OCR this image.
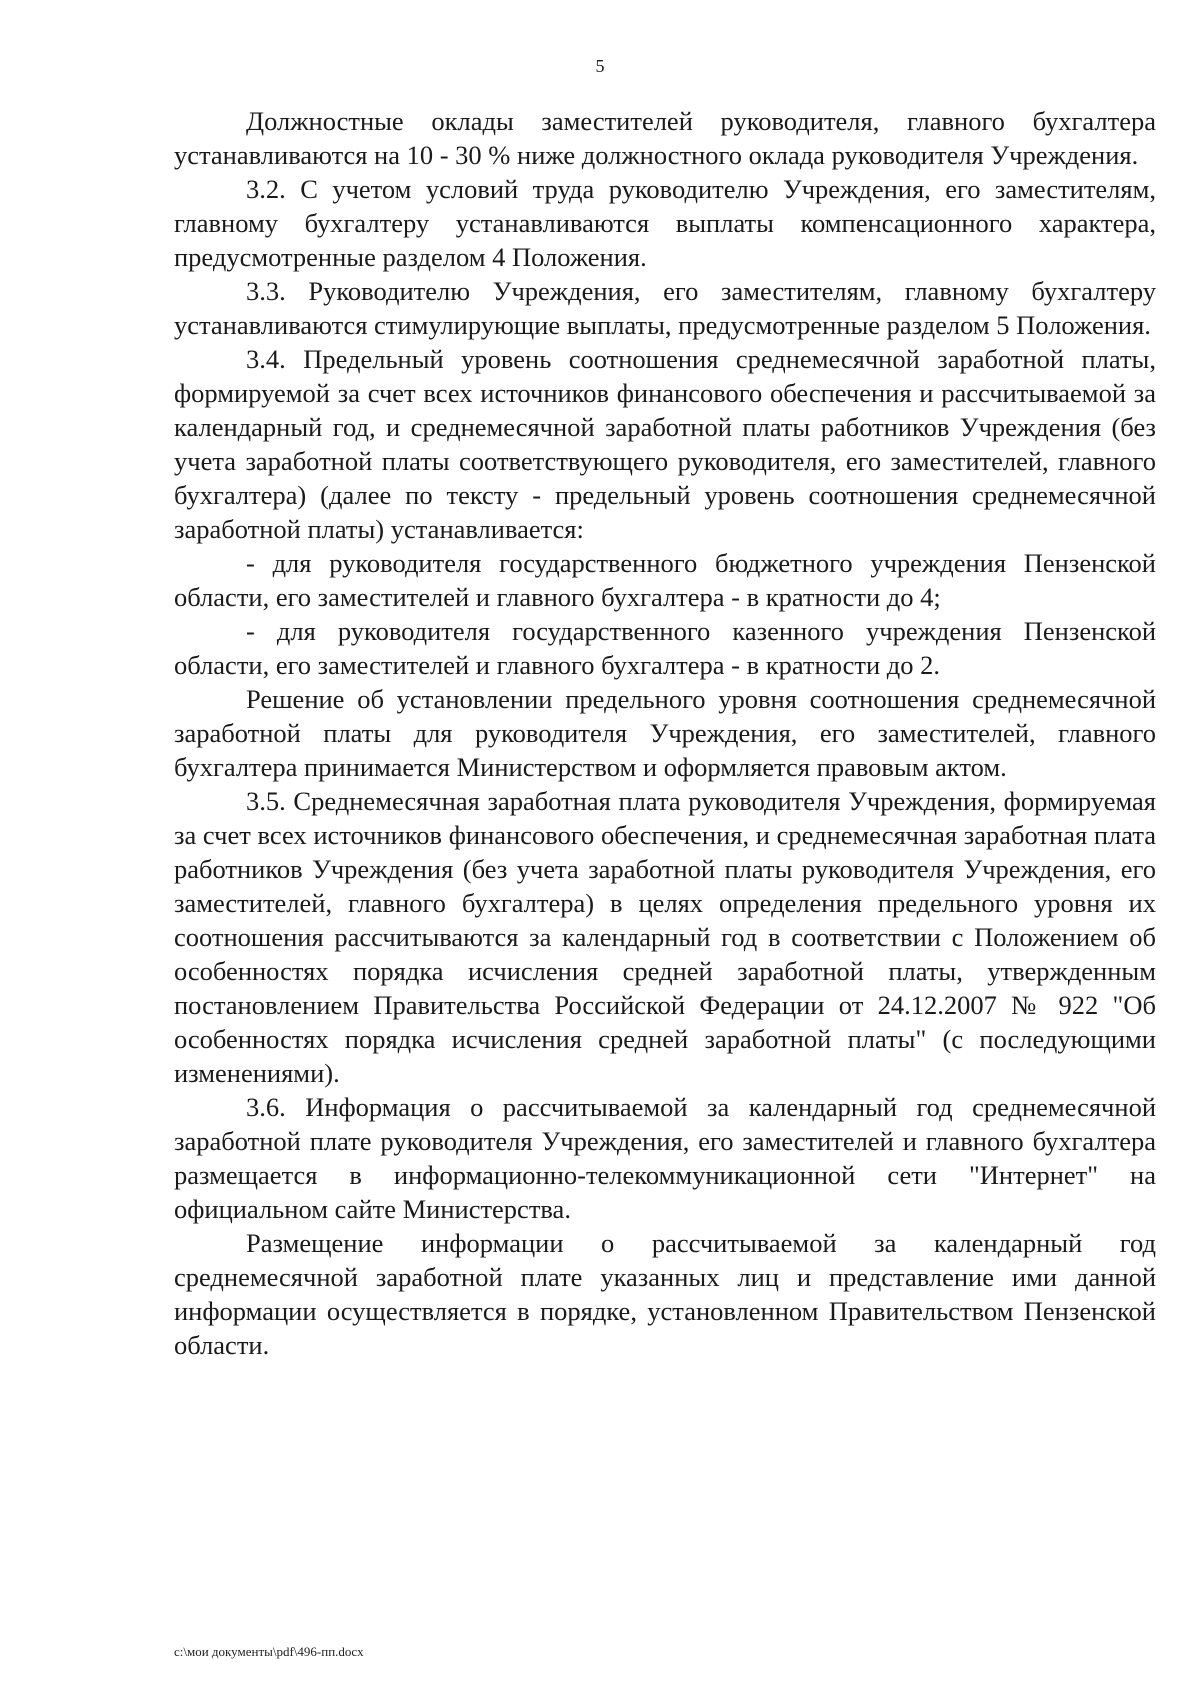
5

Должностные оклады заместителей руководителя, главного бухгалтера устанавливаются на 10 - 30 % ниже должностного оклада руководителя Учреждения.

3.2. С учетом условий труда руководителю Учреждения, его заместителям, главному бухгалтеру устанавливаются выплаты компенсационного характера, предусмотренные разделом 4 Положения.

3.3. Руководителю Учреждения, его заместителям, главному бухгалтеру устанавливаются стимулирующие выплаты, предусмотренные разделом 5 Положения.

3.4. Предельный уровень соотношения среднемесячной заработной платы, формируемой за счет всех источников финансового обеспечения и рассчитываемой за календарный год, и среднемесячной заработной платы работников Учреждения (без учета заработной платы соответствующего руководителя, его заместителей, главного бухгалтера) (далее по тексту - предельный уровень соотношения среднемесячной заработной платы) устанавливается:

- для руководителя государственного бюджетного учреждения Пензенской области, его заместителей и главного бухгалтера - в кратности до 4;

- для руководителя государственного казенного учреждения Пензенской области, его заместителей и главного бухгалтера - в кратности до 2.

Решение об установлении предельного уровня соотношения среднемесячной заработной платы для руководителя Учреждения, его заместителей, главного бухгалтера принимается Министерством и оформляется правовым актом.

3.5. Среднемесячная заработная плата руководителя Учреждения, формируемая за счет всех источников финансового обеспечения, и среднемесячная заработная плата работников Учреждения (без учета заработной платы руководителя Учреждения, его заместителей, главного бухгалтера) в целях определения предельного уровня их соотношения рассчитываются за календарный год в соответствии с Положением об особенностях порядка исчисления средней заработной платы, утвержденным постановлением Правительства Российской Федерации от 24.12.2007 № 922 "Об особенностях порядка исчисления средней заработной платы" (с последующими изменениями).

3.6. Информация о рассчитываемой за календарный год среднемесячной заработной плате руководителя Учреждения, его заместителей и главного бухгалтера размещается в информационно-телекоммуникационной сети "Интернет" на официальном сайте Министерства.

Размещение информации о рассчитываемой за календарный год среднемесячной заработной плате указанных лиц и представление ими данной информации осуществляется в порядке, установленном Правительством Пензенской области.

c:\мои документы\pdf\496-пп.docx
